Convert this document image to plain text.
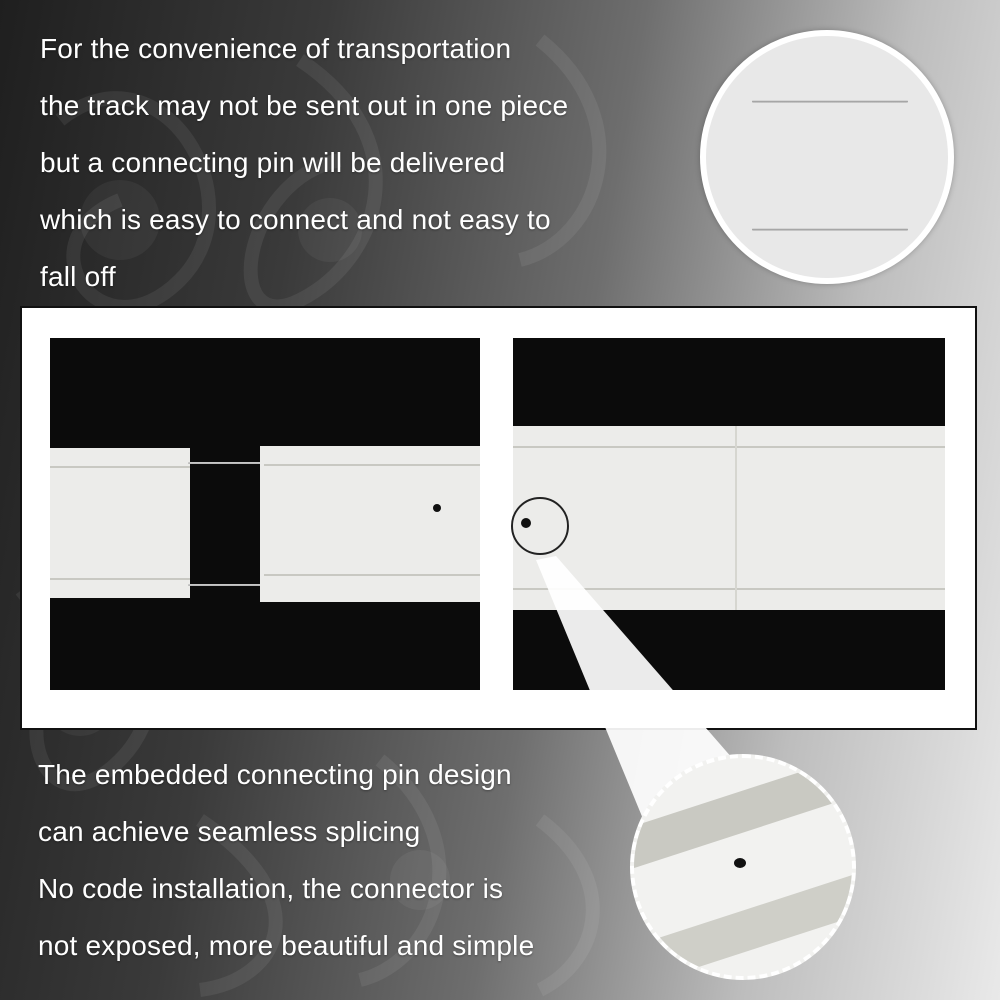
For the convenience of transportation
the track may not be sent out in one piece
but a connecting pin will be delivered
which is easy to connect and not easy to
fall off
The embedded connecting pin design
can achieve seamless splicing
No code installation, the connector is
not exposed, more beautiful and simple
